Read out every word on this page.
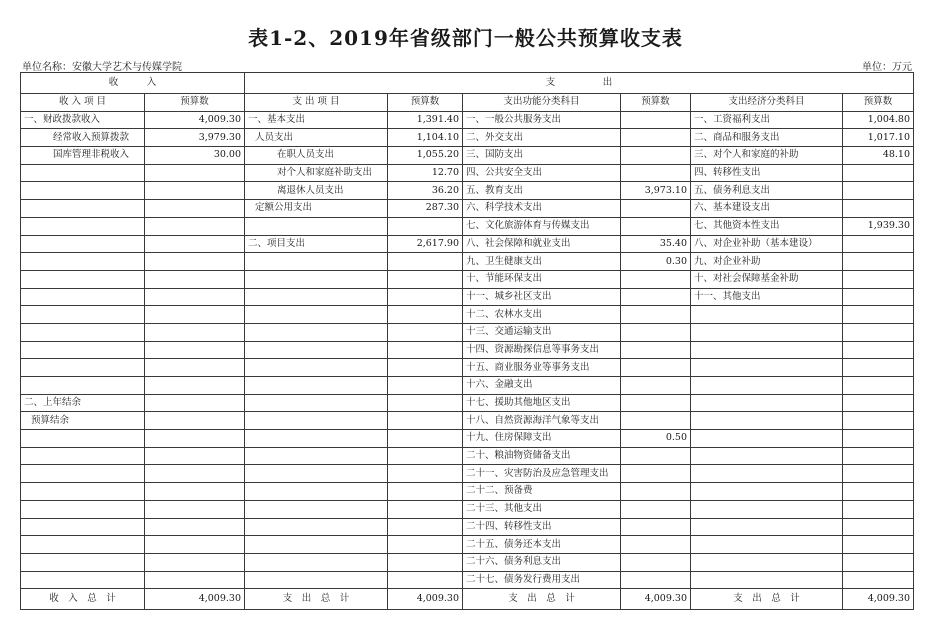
表1-2、2019年省级部门一般公共预算收支表
单位名称：安徽大学艺术与传媒学院	单位：万元
收　　　入		支　　　　　出					
收 入 项 目	预算数	支 出 项 目	预算数	支出功能分类科目	预算数	支出经济分类科目	预算数
一、财政拨款收入	4,009.30	一、基本支出	1,391.40	一、一般公共服务支出		一、工资福利支出	1,004.80
经常收入预算拨款	3,979.30	人员支出	1,104.10	二、外交支出		二、商品和服务支出	1,017.10
国库管理非税收入	30.00	在职人员支出	1,055.20	三、国防支出		三、对个人和家庭的补助	48.10
		对个人和家庭补助支出	12.70	四、公共安全支出		四、转移性支出	
		离退休人员支出	36.20	五、教育支出	3,973.10	五、债务利息支出	
		定额公用支出	287.30	六、科学技术支出		六、基本建设支出	
				七、文化旅游体育与传媒支出		七、其他资本性支出	1,939.30
		二、项目支出	2,617.90	八、社会保障和就业支出	35.40	八、对企业补助（基本建设）	
				九、卫生健康支出	0.30	九、对企业补助	
				十、节能环保支出		十、对社会保障基金补助	
				十一、城乡社区支出		十一、其他支出	
				十二、农林水支出			
				十三、交通运输支出			
				十四、资源勘探信息等事务支出			
				十五、商业服务业等事务支出			
				十六、金融支出			
二、上年结余				十七、援助其他地区支出			
预算结余				十八、自然资源海洋气象等支出			
				十九、住房保障支出	0.50		
				二十、粮油物资储备支出			
				二十一、灾害防治及应急管理支出			
				二十二、预备费			
				二十三、其他支出			
				二十四、转移性支出			
				二十五、债务还本支出			
				二十六、债务利息支出			
				二十七、债务发行费用支出			
收　入　总　计	4,009.30	支　出　总　计	4,009.30	支　出　总　计	4,009.30	支　出　总　计	4,009.30
